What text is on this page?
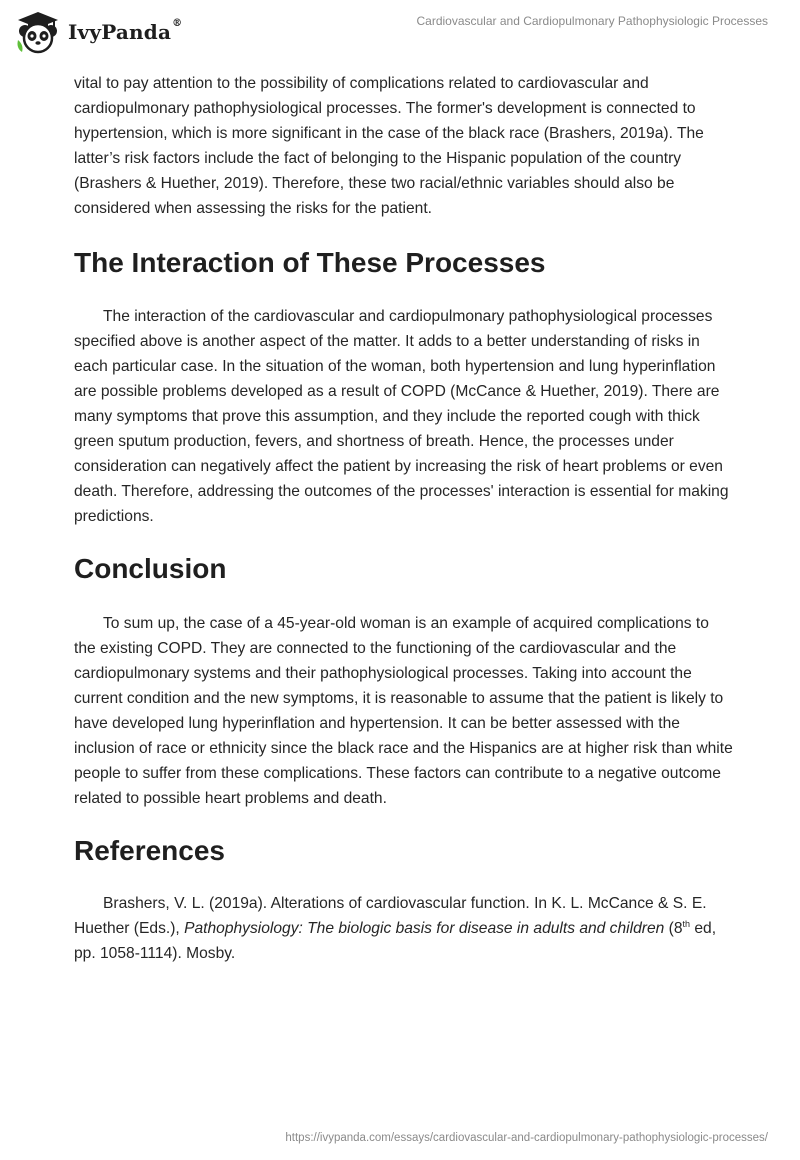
IvyPanda®	Cardiovascular and Cardiopulmonary Pathophysiologic Processes

vital to pay attention to the possibility of complications related to cardiovascular and cardiopulmonary pathophysiological processes. The former's development is connected to hypertension, which is more significant in the case of the black race (Brashers, 2019a). The latter’s risk factors include the fact of belonging to the Hispanic population of the country (Brashers & Huether, 2019). Therefore, these two racial/ethnic variables should also be considered when assessing the risks for the patient.

The Interaction of These Processes

The interaction of the cardiovascular and cardiopulmonary pathophysiological processes specified above is another aspect of the matter. It adds to a better understanding of risks in each particular case. In the situation of the woman, both hypertension and lung hyperinflation are possible problems developed as a result of COPD (McCance & Huether, 2019). There are many symptoms that prove this assumption, and they include the reported cough with thick green sputum production, fevers, and shortness of breath. Hence, the processes under consideration can negatively affect the patient by increasing the risk of heart problems or even death. Therefore, addressing the outcomes of the processes' interaction is essential for making predictions.

Conclusion

To sum up, the case of a 45-year-old woman is an example of acquired complications to the existing COPD. They are connected to the functioning of the cardiovascular and the cardiopulmonary systems and their pathophysiological processes. Taking into account the current condition and the new symptoms, it is reasonable to assume that the patient is likely to have developed lung hyperinflation and hypertension. It can be better assessed with the inclusion of race or ethnicity since the black race and the Hispanics are at higher risk than white people to suffer from these complications. These factors can contribute to a negative outcome related to possible heart problems and death.

References

Brashers, V. L. (2019a). Alterations of cardiovascular function. In K. L. McCance & S. E. Huether (Eds.), Pathophysiology: The biologic basis for disease in adults and children (8th ed, pp. 1058-1114). Mosby.

https://ivypanda.com/essays/cardiovascular-and-cardiopulmonary-pathophysiologic-processes/
